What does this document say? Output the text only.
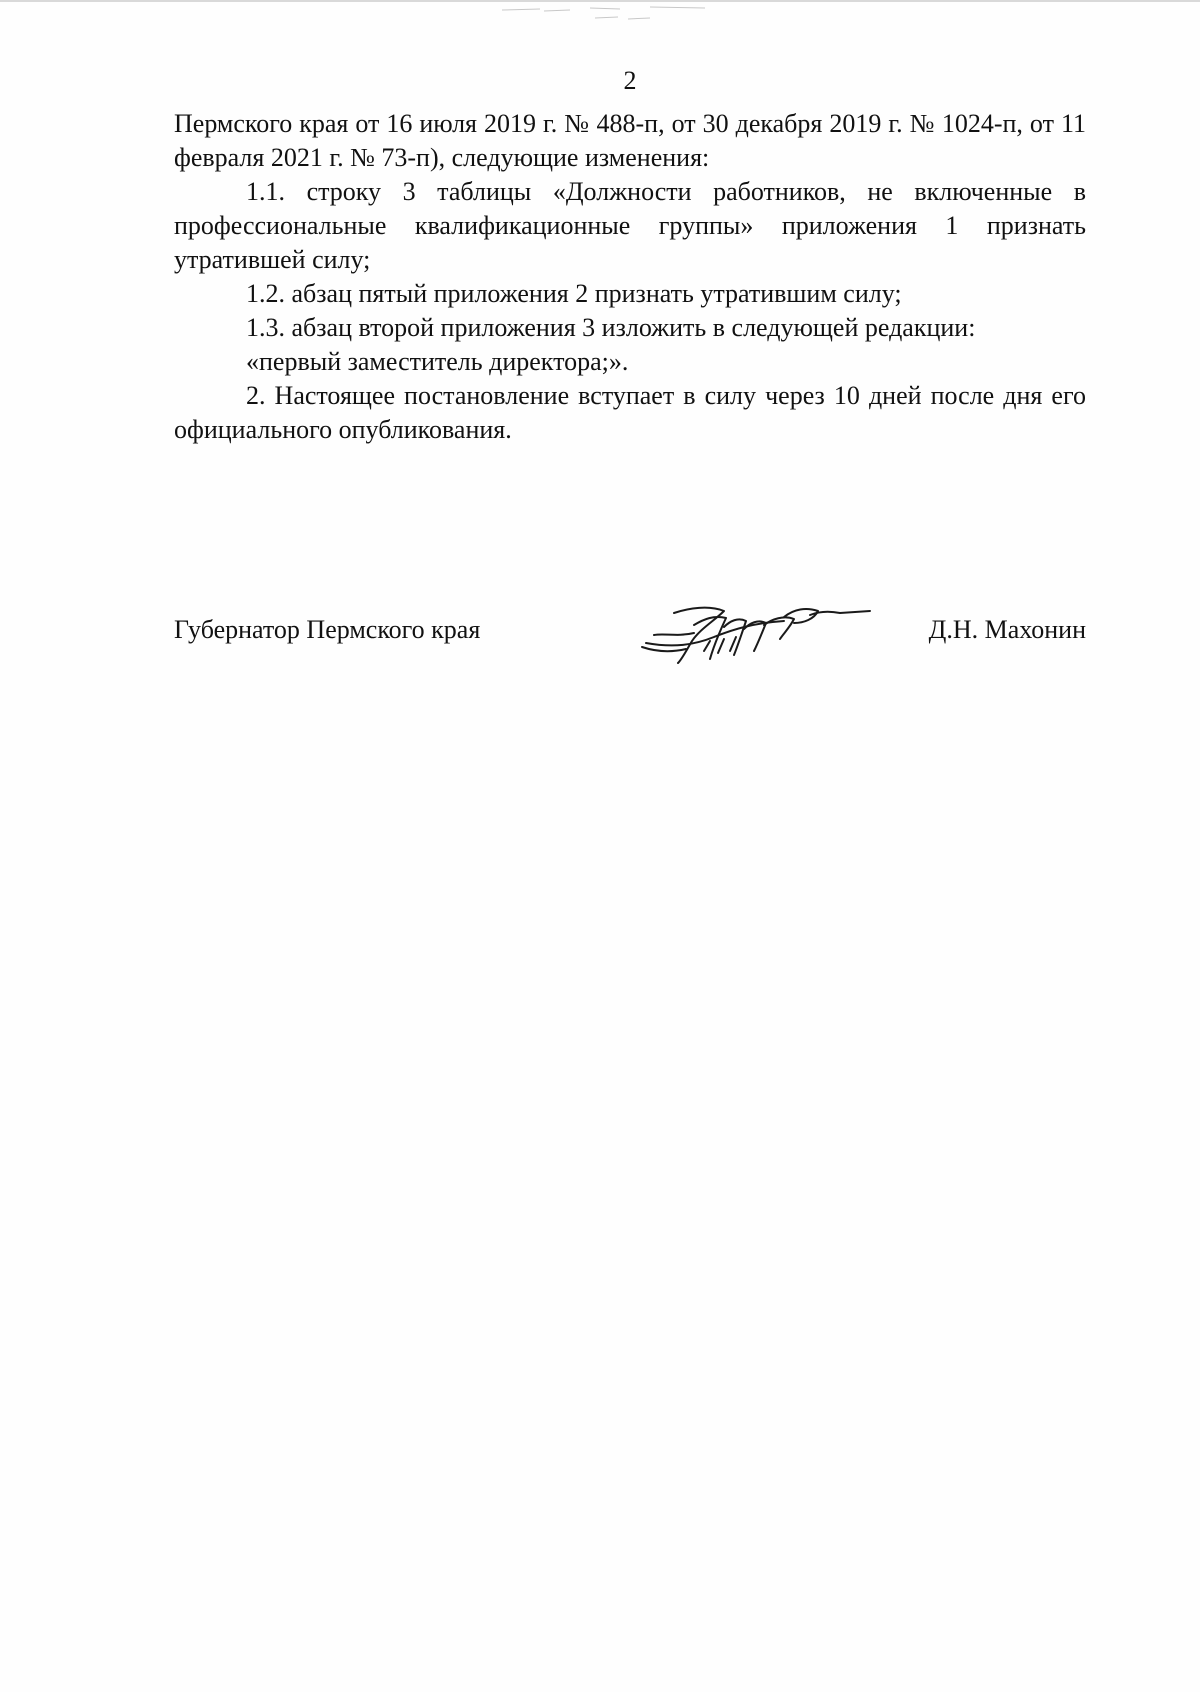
2

Пермского края от 16 июля 2019 г. № 488-п, от 30 декабря 2019 г. № 1024-п, от 11 февраля 2021 г. № 73-п), следующие изменения:

1.1. строку 3 таблицы «Должности работников, не включенные в профессиональные квалификационные группы» приложения 1 признать утратившей силу;

1.2. абзац пятый приложения 2 признать утратившим силу;

1.3. абзац второй приложения 3 изложить в следующей редакции:

«первый заместитель директора;».

2. Настоящее постановление вступает в силу через 10 дней после дня его официального опубликования.

Губернатор Пермского края	Д.Н. Махонин
